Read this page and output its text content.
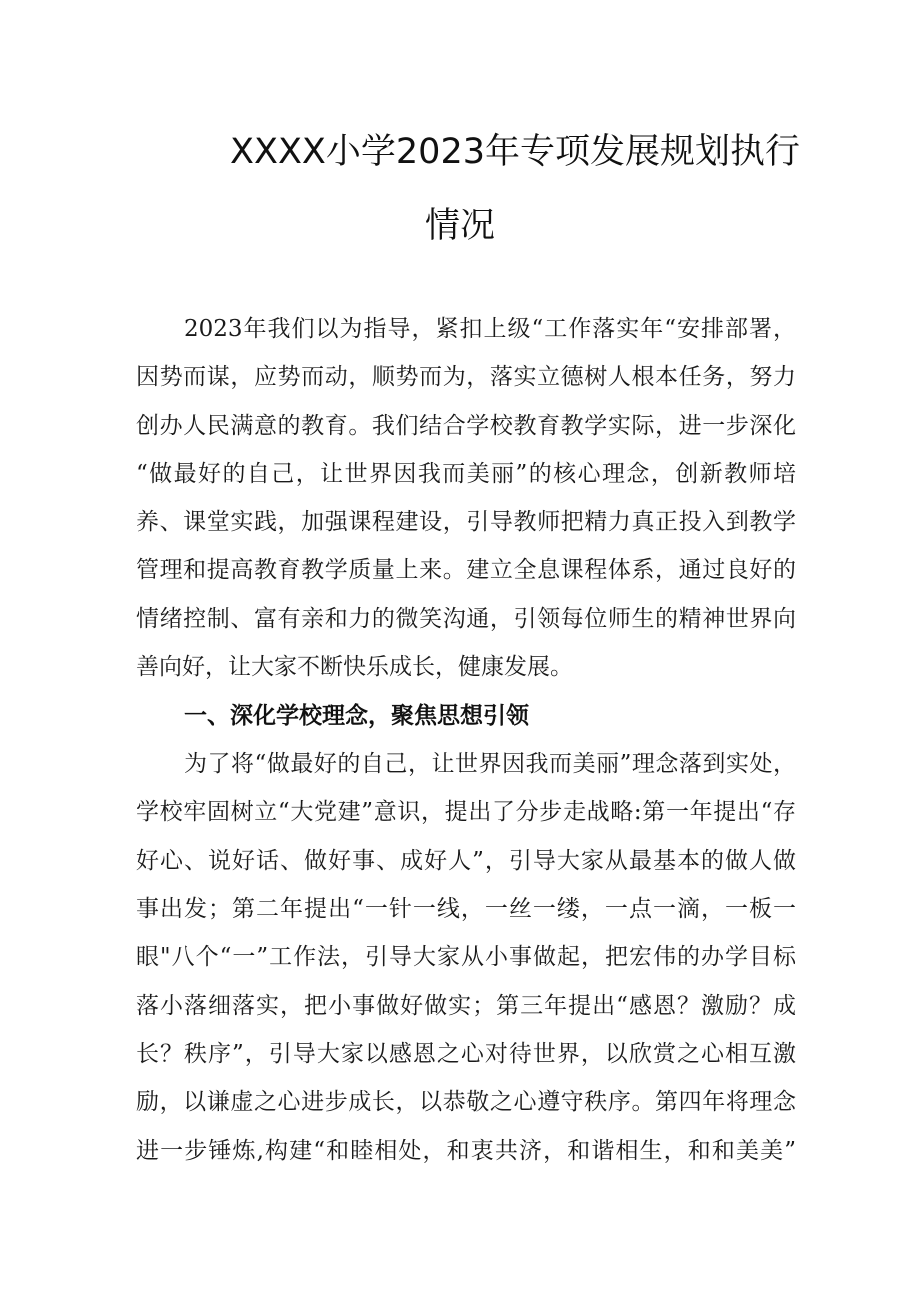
XXXX小学2023年专项发展规划执行
情况
2023年我们以为指导，紧扣上级“工作落实年“安排部署，
因势而谋，应势而动，顺势而为，落实立德树人根本任务，努力
创办人民满意的教育。我们结合学校教育教学实际，进一步深化
“做最好的自己，让世界因我而美丽”的核心理念，创新教师培
养、课堂实践，加强课程建设，引导教师把精力真正投入到教学
管理和提高教育教学质量上来。建立全息课程体系，通过良好的
情绪控制、富有亲和力的微笑沟通，引领每位师生的精神世界向
善向好，让大家不断快乐成长，健康发展。
一、深化学校理念，聚焦思想引领
为了将“做最好的自己，让世界因我而美丽”理念落到实处，
学校牢固树立“大党建”意识，提出了分步走战略:第一年提出“存
好心、说好话、做好事、成好人”，引导大家从最基本的做人做
事出发；第二年提出“一针一线，一丝一缕，一点一滴，一板一
眼"八个“一”工作法，引导大家从小事做起，把宏伟的办学目标
落小落细落实，把小事做好做实；第三年提出“感恩？激励？成
长？秩序”，引导大家以感恩之心对待世界，以欣赏之心相互激
励，以谦虚之心进步成长，以恭敬之心遵守秩序。第四年将理念
进一步锤炼,构建“和睦相处，和衷共济，和谐相生，和和美美”
